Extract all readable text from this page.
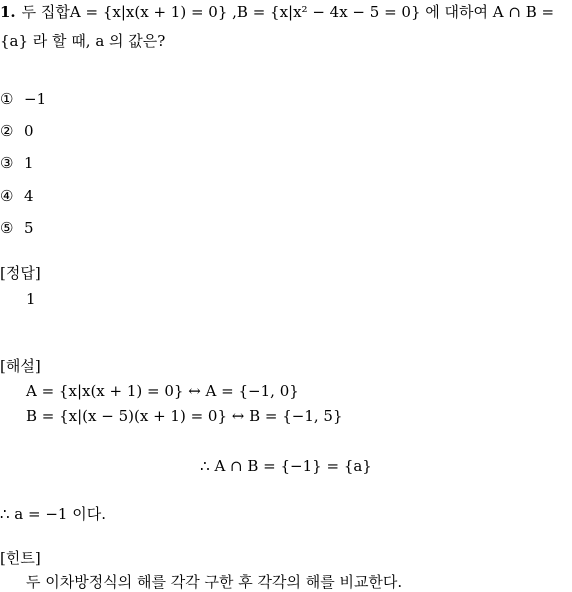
1. 두 집합A = {x|x(x + 1) = 0} ,B = {x|x² − 4x − 5 = 0} 에 대하여 A ∩ B =
{a} 라 할 때, a 의 값은?
① −1
② 0
③ 1
④ 4
⑤ 5
[정답]
1
[해설]
A = {x|x(x + 1) = 0} ↔ A = {−1, 0}
B = {x|(x − 5)(x + 1) = 0} ↔ B = {−1, 5}
∴ A ∩ B = {−1} = {a}
∴ a = −1 이다.
[힌트]
두 이차방정식의 해를 각각 구한 후 각각의 해를 비교한다.
